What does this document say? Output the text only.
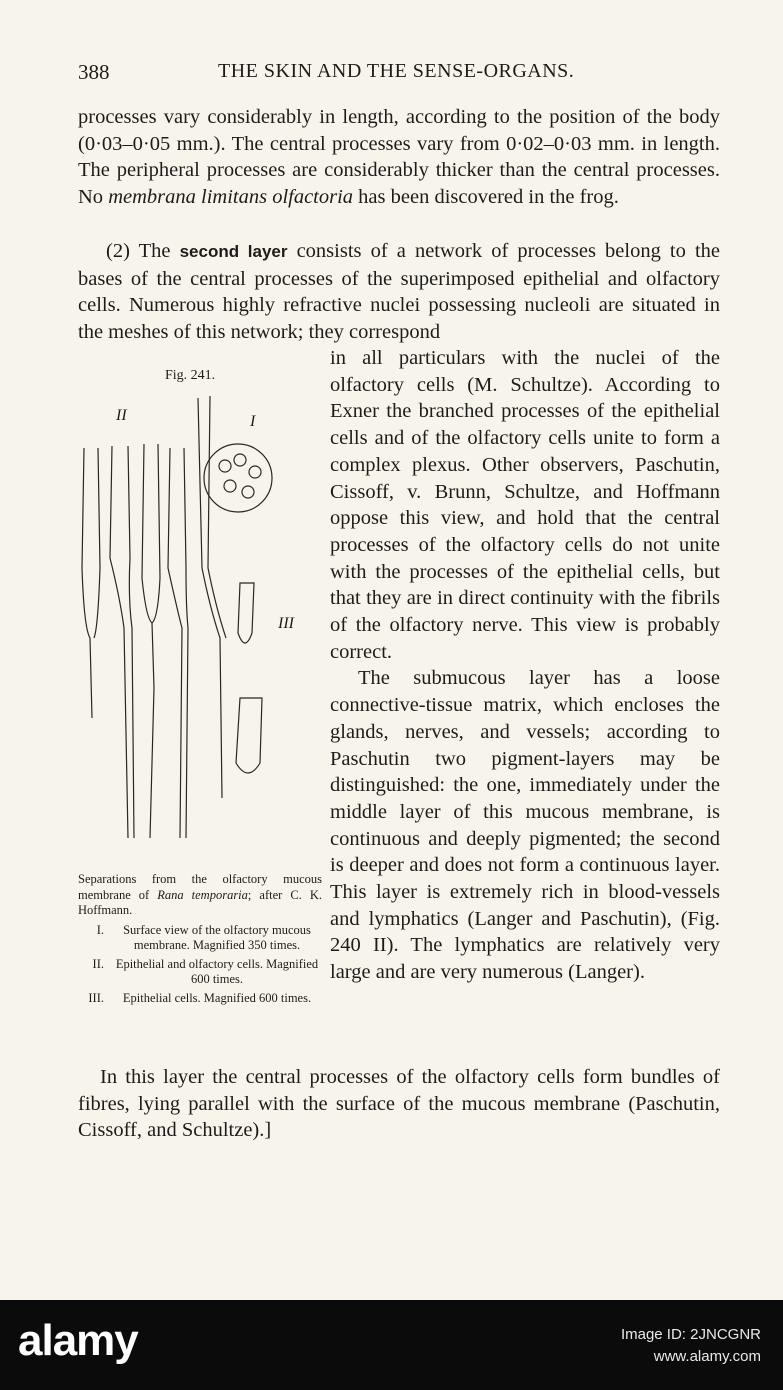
388	THE SKIN AND THE SENSE-ORGANS.

processes vary considerably in length, according to the position of the body (0·03–0·05 mm.). The central processes vary from 0·02–0·03 mm. in length. The peripheral processes are considerably thicker than the central processes. No membrana limitans olfactoria has been discovered in the frog.

(2) The second layer consists of a network of processes belong to the bases of the central processes of the superimposed epithelial and olfactory cells. Numerous highly refractive nuclei possessing nucleoli are situated in the meshes of this network; they correspond

in all particulars with the nuclei of the olfactory cells (M. Schultze). According to Exner the branched processes of the epithelial cells and of the olfactory cells unite to form a complex plexus. Other observers, Paschutin, Cissoff, v. Brunn, Schultze, and Hoffmann oppose this view, and hold that the central processes of the olfactory cells do not unite with the processes of the epithelial cells, but that they are in direct continuity with the fibrils of the olfactory nerve. This view is probably correct.

The submucous layer has a loose connective-tissue matrix, which encloses the glands, nerves, and vessels; according to Paschutin two pigment-layers may be distinguished: the one, immediately under the middle layer of this mucous membrane, is continuous and deeply pigmented; the second is deeper and does not form a continuous layer. This layer is extremely rich in blood-vessels and lymphatics (Langer and Paschutin), (Fig. 240 II). The lymphatics are relatively very large and are very numerous (Langer).

II	I
III
Fig. 241.

Separations from the olfactory mucous membrane of Rana temporaria; after C. K. Hoffmann.

I.	Surface view of the olfactory mucous membrane. Magnified 350 times.
II. Epithelial and olfactory cells. Magnified 600 times.
III.	Epithelial cells. Magnified 600 times.

In this layer the central processes of the olfactory cells form bundles of fibres, lying parallel with the surface of the mucous membrane (Paschutin, Cissoff, and Schultze).]

alamy	Image ID: 2JNCGNR
www.alamy.com
